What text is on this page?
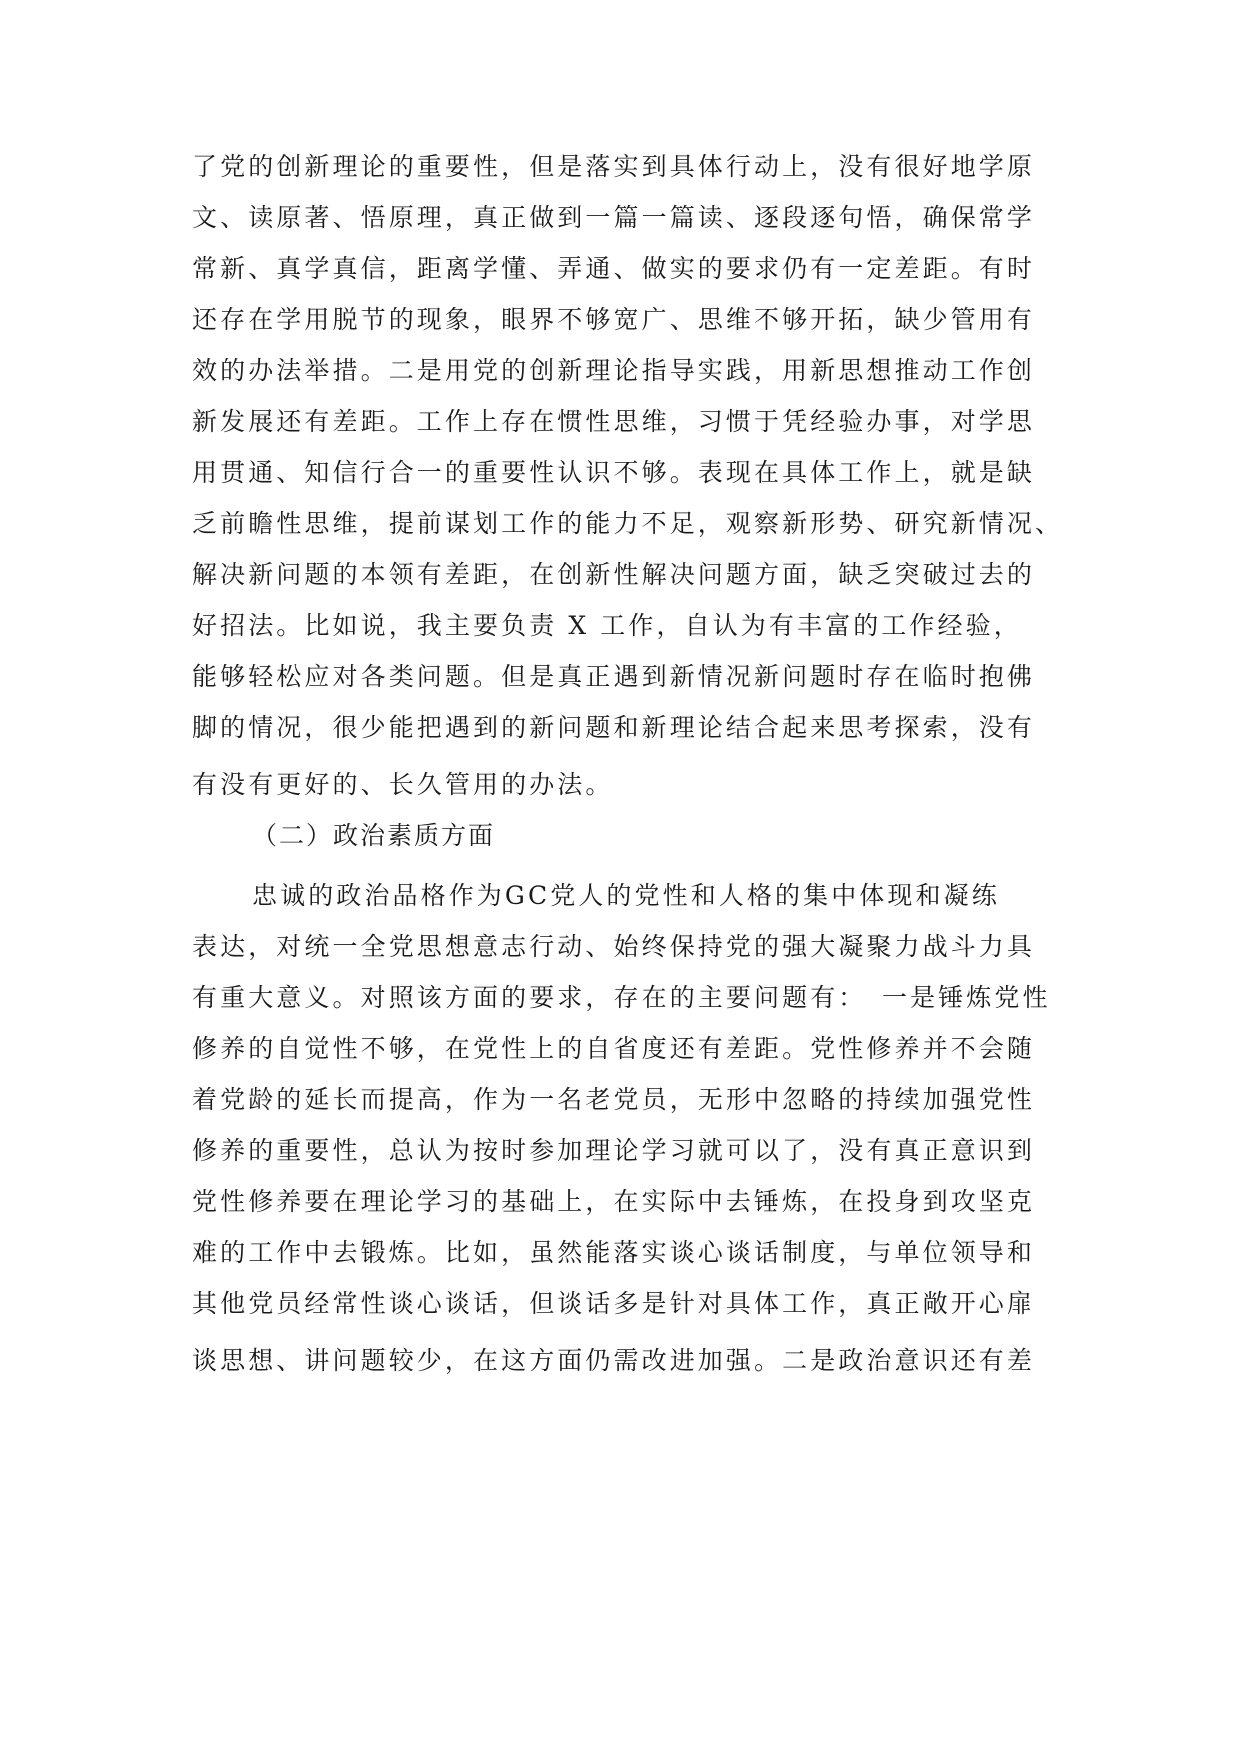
了党的创新理论的重要性，但是落实到具体行动上，没有很好地学原
文、读原著、悟原理，真正做到一篇一篇读、逐段逐句悟，确保常学
常新、真学真信，距离学懂、弄通、做实的要求仍有一定差距。有时
还存在学用脱节的现象，眼界不够宽广、思维不够开拓，缺少管用有
效的办法举措。二是用党的创新理论指导实践，用新思想推动工作创
新发展还有差距。工作上存在惯性思维，习惯于凭经验办事，对学思
用贯通、知信行合一的重要性认识不够。表现在具体工作上，就是缺
乏前瞻性思维，提前谋划工作的能力不足，观察新形势、研究新情况、
解决新问题的本领有差距，在创新性解决问题方面，缺乏突破过去的
好招法。比如说，我主要负责 X 工作，自认为有丰富的工作经验，
能够轻松应对各类问题。但是真正遇到新情况新问题时存在临时抱佛
脚的情况，很少能把遇到的新问题和新理论结合起来思考探索，没有
有没有更好的、长久管用的办法。
（二）政治素质方面
忠诚的政治品格作为GC党人的党性和人格的集中体现和凝练
表达，对统一全党思想意志行动、始终保持党的强大凝聚力战斗力具
有重大意义。对照该方面的要求，存在的主要问题有：　一是锤炼党性
修养的自觉性不够，在党性上的自省度还有差距。党性修养并不会随
着党龄的延长而提高，作为一名老党员，无形中忽略的持续加强党性
修养的重要性，总认为按时参加理论学习就可以了，没有真正意识到
党性修养要在理论学习的基础上，在实际中去锤炼，在投身到攻坚克
难的工作中去锻炼。比如，虽然能落实谈心谈话制度，与单位领导和
其他党员经常性谈心谈话，但谈话多是针对具体工作，真正敞开心扉
谈思想、讲问题较少，在这方面仍需改进加强。二是政治意识还有差
